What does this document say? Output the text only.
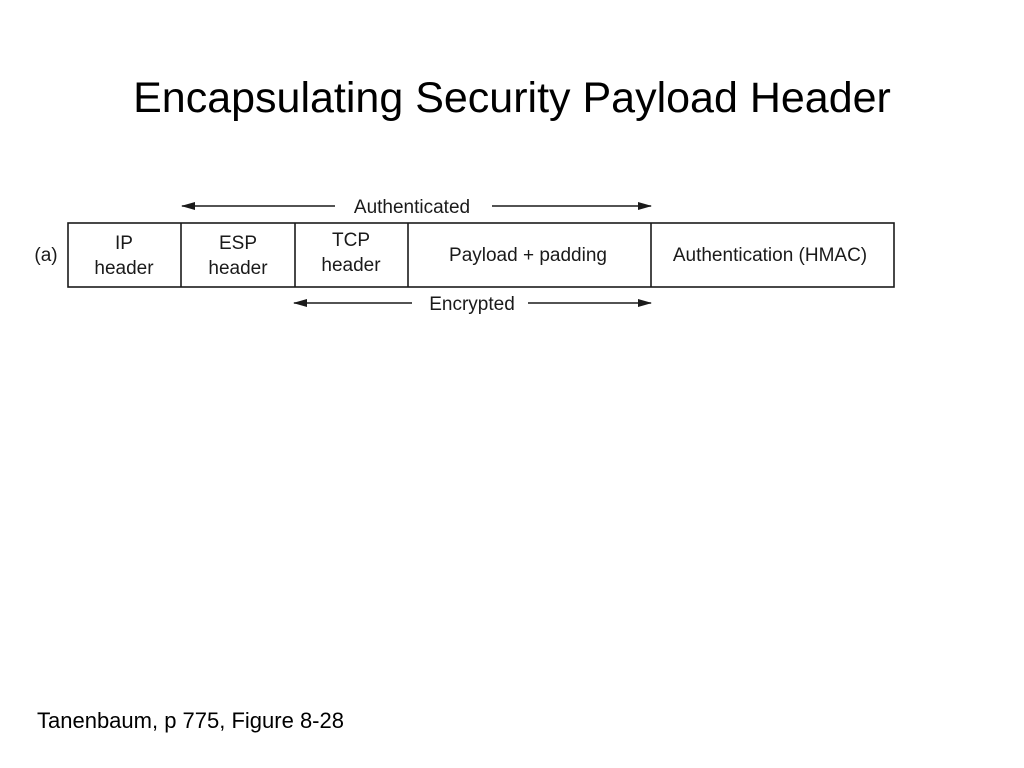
Encapsulating Security Payload Header
Authenticated
(a)
IP
header
ESP
header
TCP
header	Payload + padding	Authentication (HMAC)
Encrypted
Tanenbaum, p 775, Figure 8-28
